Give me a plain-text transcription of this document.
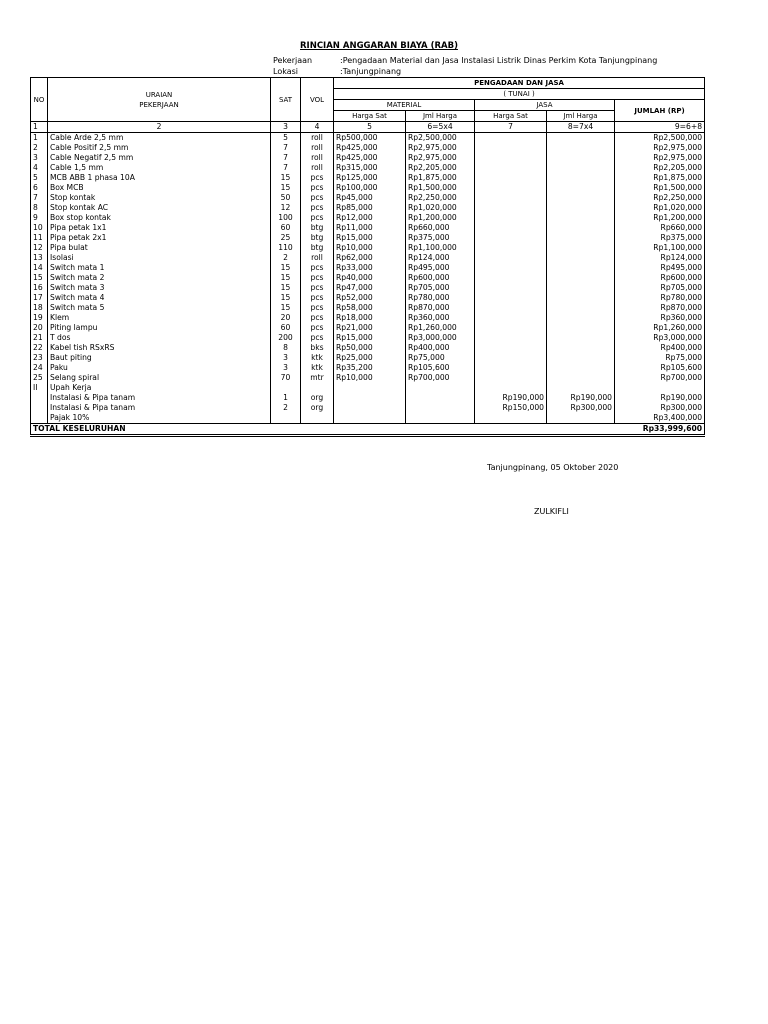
RINCIAN ANGGARAN BIAYA (RAB)
Pekerjaan	:Pengadaan Material dan Jasa Instalasi Listrik Dinas Perkim Kota Tanjungpinang
Lokasi	:Tanjungpinang
NO	URAIAN	SAT	VOL	PENGADAAN DAN JASA				
				( TUNAI )				
	PEKERJAAN			MATERIAL		JASA		JUMLAH (RP)
				Harga Sat	Jml Harga	Harga Sat	Jml Harga	
1	2	3	4	5	6=5x4	7	8=7x4	9=6+8
1	Cable Arde 2,5 mm	5	roll	Rp500,000	Rp2,500,000			Rp2,500,000
2	Cable Positif 2,5 mm	7	roll	Rp425,000	Rp2,975,000			Rp2,975,000
3	Cable Negatif 2,5 mm	7	roll	Rp425,000	Rp2,975,000			Rp2,975,000
4	Cable 1,5 mm	7	roll	Rp315,000	Rp2,205,000			Rp2,205,000
5	MCB ABB 1 phasa 10A	15	pcs	Rp125,000	Rp1,875,000			Rp1,875,000
6	Box MCB	15	pcs	Rp100,000	Rp1,500,000			Rp1,500,000
7	Stop kontak	50	pcs	Rp45,000	Rp2,250,000			Rp2,250,000
8	Stop kontak AC	12	pcs	Rp85,000	Rp1,020,000			Rp1,020,000
9	Box stop kontak	100	pcs	Rp12,000	Rp1,200,000			Rp1,200,000
10	Pipa petak 1x1	60	btg	Rp11,000	Rp660,000			Rp660,000
11	Pipa petak 2x1	25	btg	Rp15,000	Rp375,000			Rp375,000
12	Pipa bulat	110	btg	Rp10,000	Rp1,100,000			Rp1,100,000
13	Isolasi	2	roll	Rp62,000	Rp124,000			Rp124,000
14	Switch mata 1	15	pcs	Rp33,000	Rp495,000			Rp495,000
15	Switch mata 2	15	pcs	Rp40,000	Rp600,000			Rp600,000
16	Switch mata 3	15	pcs	Rp47,000	Rp705,000			Rp705,000
17	Switch mata 4	15	pcs	Rp52,000	Rp780,000			Rp780,000
18	Switch mata 5	15	pcs	Rp58,000	Rp870,000			Rp870,000
19	Klem	20	pcs	Rp18,000	Rp360,000			Rp360,000
20	Piting lampu	60	pcs	Rp21,000	Rp1,260,000			Rp1,260,000
21	T dos	200	pcs	Rp15,000	Rp3,000,000			Rp3,000,000
22	Kabel tish RSxRS	8	bks	Rp50,000	Rp400,000			Rp400,000
23	Baut piting	3	ktk	Rp25,000	Rp75,000			Rp75,000
24	Paku	3	ktk	Rp35,200	Rp105,600			Rp105,600
25	Selang spiral	70	mtr	Rp10,000	Rp700,000			Rp700,000
II	Upah Kerja							
	Instalasi & Pipa tanam	1	org			Rp190,000	Rp190,000	Rp190,000
	Instalasi & Pipa tanam	2	org			Rp150,000	Rp300,000	Rp300,000
	Pajak 10%							Rp3,400,000
TOTAL KESELURUHAN								Rp33,999,600
Tanjungpinang, 05 Oktober 2020
ZULKIFLI
